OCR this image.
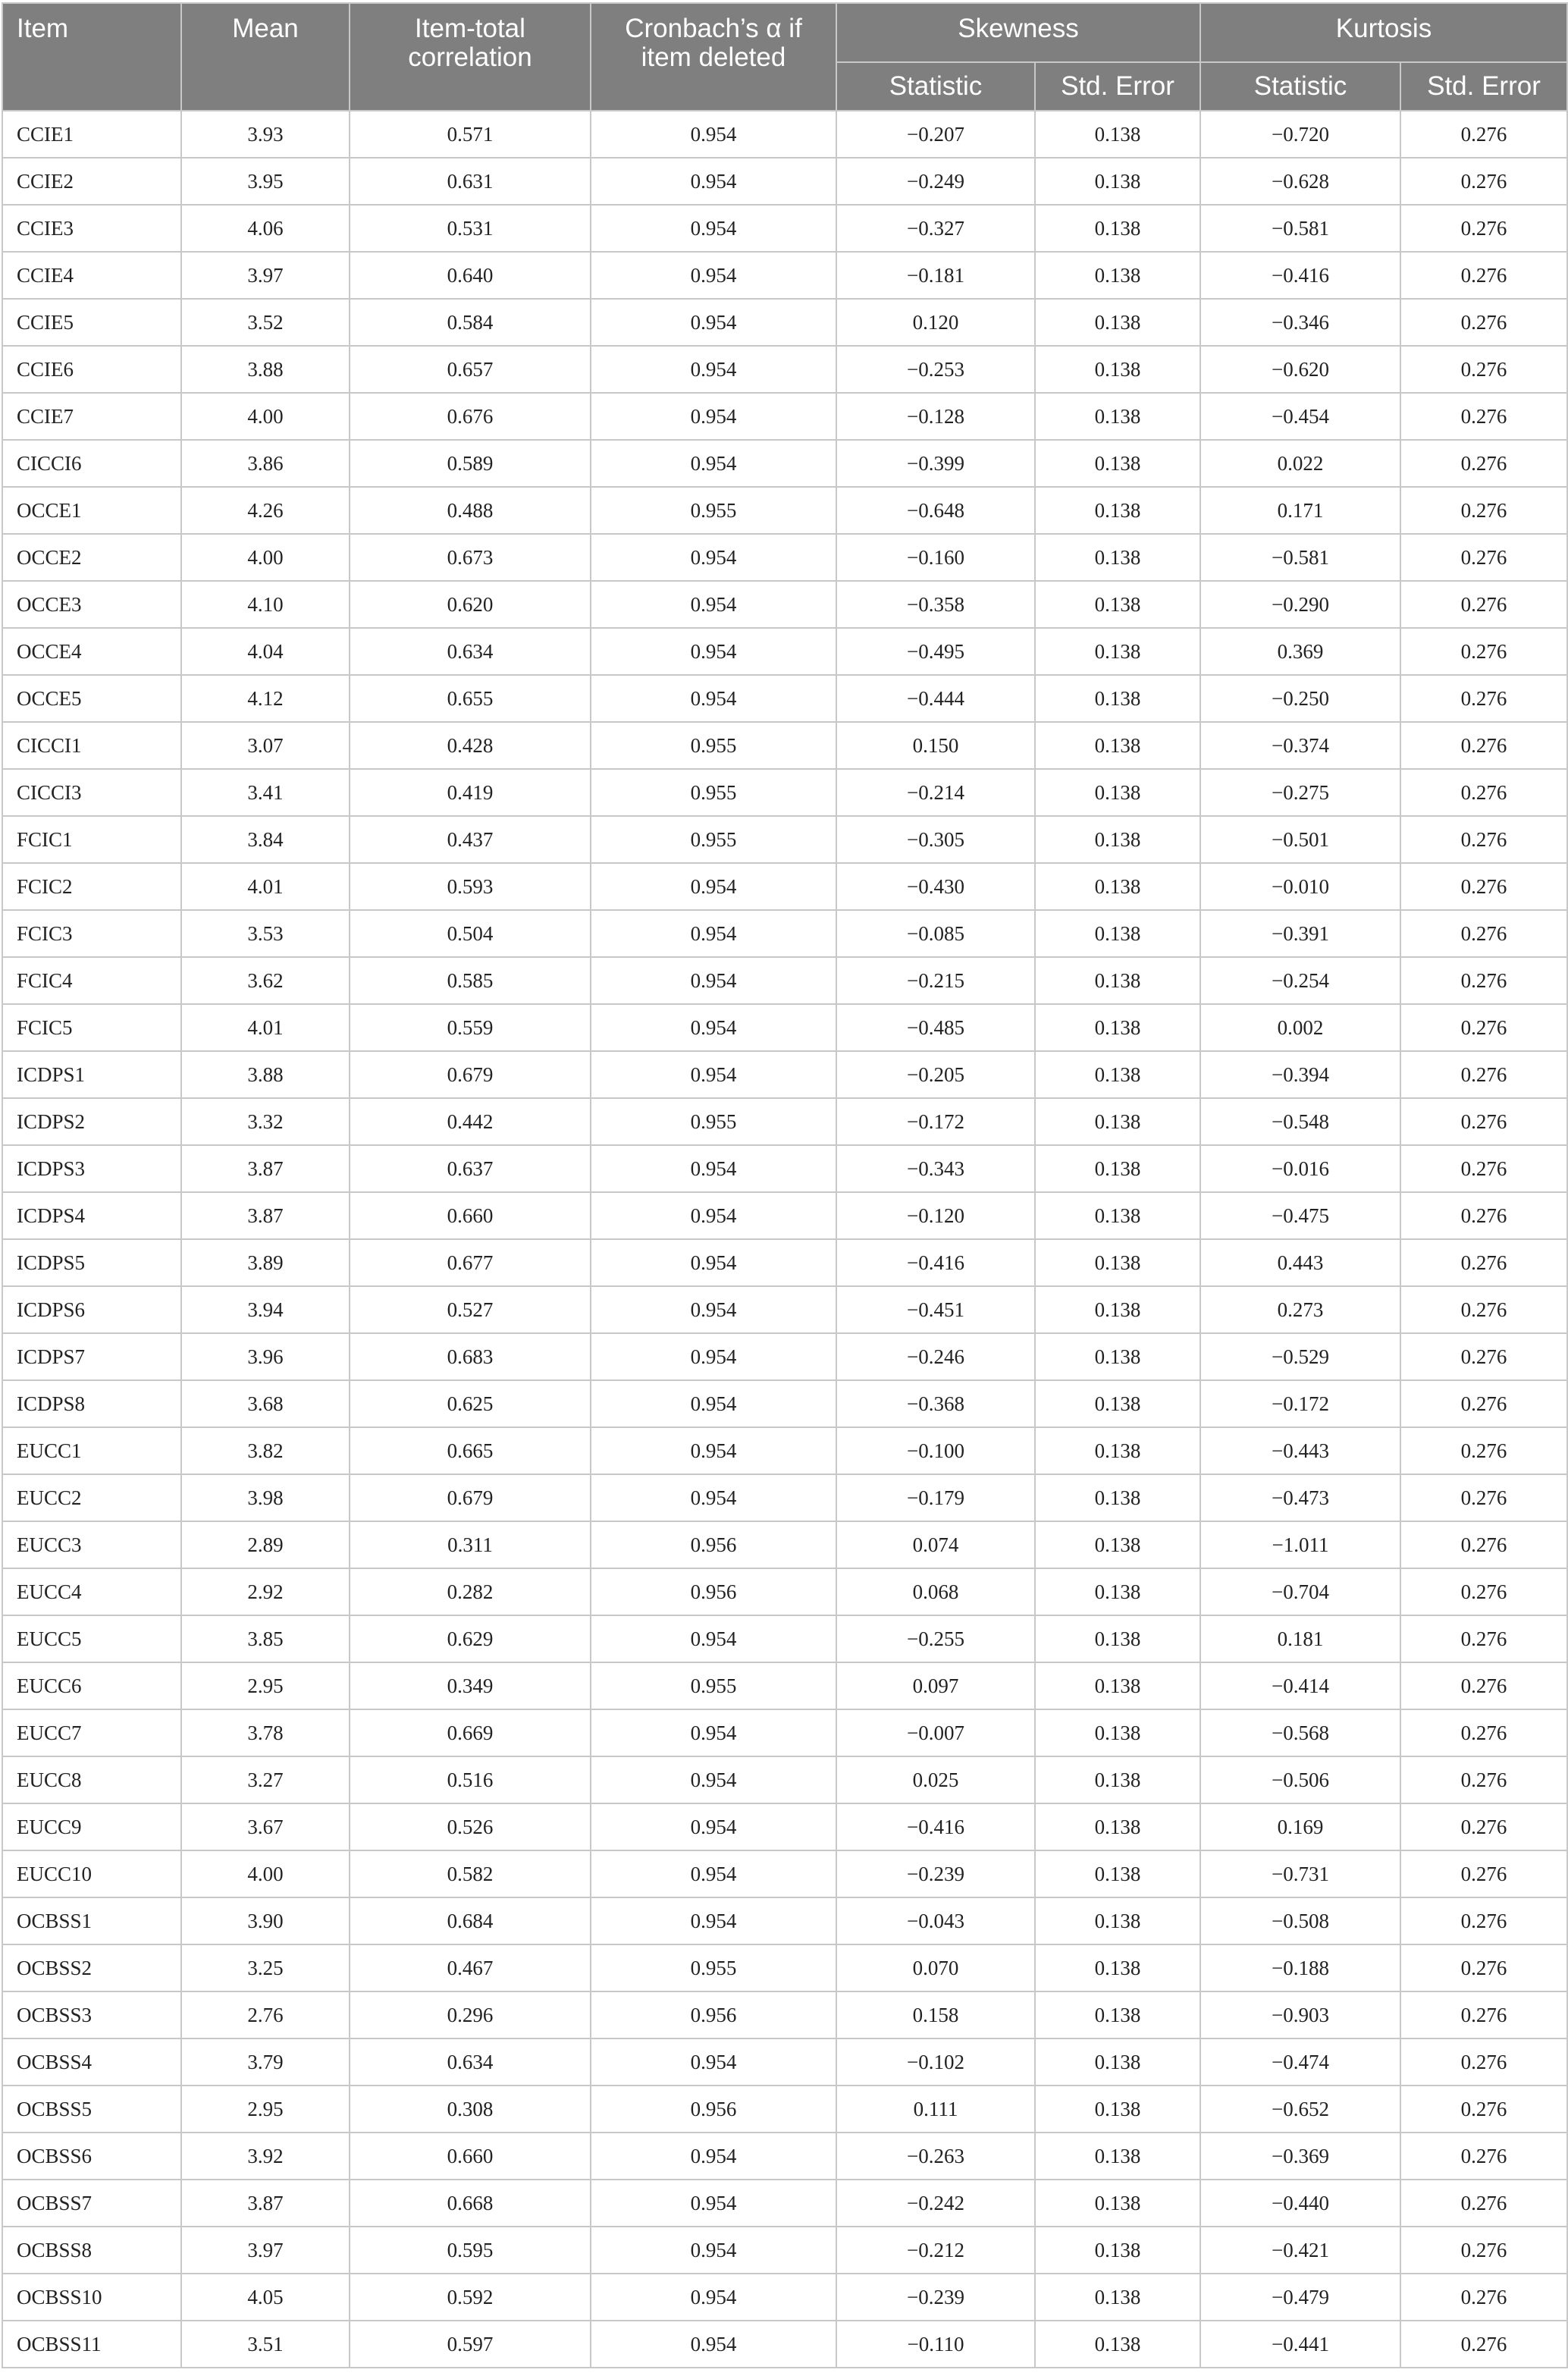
Item	Mean	Item-total correlation	Cronbach’s α if item deleted	Skewness		Kurtosis	
				Statistic	Std. Error	Statistic	Std. Error
CCIE1	3.93	0.571	0.954	−0.207	0.138	−0.720	0.276
CCIE2	3.95	0.631	0.954	−0.249	0.138	−0.628	0.276
CCIE3	4.06	0.531	0.954	−0.327	0.138	−0.581	0.276
CCIE4	3.97	0.640	0.954	−0.181	0.138	−0.416	0.276
CCIE5	3.52	0.584	0.954	0.120	0.138	−0.346	0.276
CCIE6	3.88	0.657	0.954	−0.253	0.138	−0.620	0.276
CCIE7	4.00	0.676	0.954	−0.128	0.138	−0.454	0.276
CICCI6	3.86	0.589	0.954	−0.399	0.138	0.022	0.276
OCCE1	4.26	0.488	0.955	−0.648	0.138	0.171	0.276
OCCE2	4.00	0.673	0.954	−0.160	0.138	−0.581	0.276
OCCE3	4.10	0.620	0.954	−0.358	0.138	−0.290	0.276
OCCE4	4.04	0.634	0.954	−0.495	0.138	0.369	0.276
OCCE5	4.12	0.655	0.954	−0.444	0.138	−0.250	0.276
CICCI1	3.07	0.428	0.955	0.150	0.138	−0.374	0.276
CICCI3	3.41	0.419	0.955	−0.214	0.138	−0.275	0.276
FCIC1	3.84	0.437	0.955	−0.305	0.138	−0.501	0.276
FCIC2	4.01	0.593	0.954	−0.430	0.138	−0.010	0.276
FCIC3	3.53	0.504	0.954	−0.085	0.138	−0.391	0.276
FCIC4	3.62	0.585	0.954	−0.215	0.138	−0.254	0.276
FCIC5	4.01	0.559	0.954	−0.485	0.138	0.002	0.276
ICDPS1	3.88	0.679	0.954	−0.205	0.138	−0.394	0.276
ICDPS2	3.32	0.442	0.955	−0.172	0.138	−0.548	0.276
ICDPS3	3.87	0.637	0.954	−0.343	0.138	−0.016	0.276
ICDPS4	3.87	0.660	0.954	−0.120	0.138	−0.475	0.276
ICDPS5	3.89	0.677	0.954	−0.416	0.138	0.443	0.276
ICDPS6	3.94	0.527	0.954	−0.451	0.138	0.273	0.276
ICDPS7	3.96	0.683	0.954	−0.246	0.138	−0.529	0.276
ICDPS8	3.68	0.625	0.954	−0.368	0.138	−0.172	0.276
EUCC1	3.82	0.665	0.954	−0.100	0.138	−0.443	0.276
EUCC2	3.98	0.679	0.954	−0.179	0.138	−0.473	0.276
EUCC3	2.89	0.311	0.956	0.074	0.138	−1.011	0.276
EUCC4	2.92	0.282	0.956	0.068	0.138	−0.704	0.276
EUCC5	3.85	0.629	0.954	−0.255	0.138	0.181	0.276
EUCC6	2.95	0.349	0.955	0.097	0.138	−0.414	0.276
EUCC7	3.78	0.669	0.954	−0.007	0.138	−0.568	0.276
EUCC8	3.27	0.516	0.954	0.025	0.138	−0.506	0.276
EUCC9	3.67	0.526	0.954	−0.416	0.138	0.169	0.276
EUCC10	4.00	0.582	0.954	−0.239	0.138	−0.731	0.276
OCBSS1	3.90	0.684	0.954	−0.043	0.138	−0.508	0.276
OCBSS2	3.25	0.467	0.955	0.070	0.138	−0.188	0.276
OCBSS3	2.76	0.296	0.956	0.158	0.138	−0.903	0.276
OCBSS4	3.79	0.634	0.954	−0.102	0.138	−0.474	0.276
OCBSS5	2.95	0.308	0.956	0.111	0.138	−0.652	0.276
OCBSS6	3.92	0.660	0.954	−0.263	0.138	−0.369	0.276
OCBSS7	3.87	0.668	0.954	−0.242	0.138	−0.440	0.276
OCBSS8	3.97	0.595	0.954	−0.212	0.138	−0.421	0.276
OCBSS10	4.05	0.592	0.954	−0.239	0.138	−0.479	0.276
OCBSS11	3.51	0.597	0.954	−0.110	0.138	−0.441	0.276
